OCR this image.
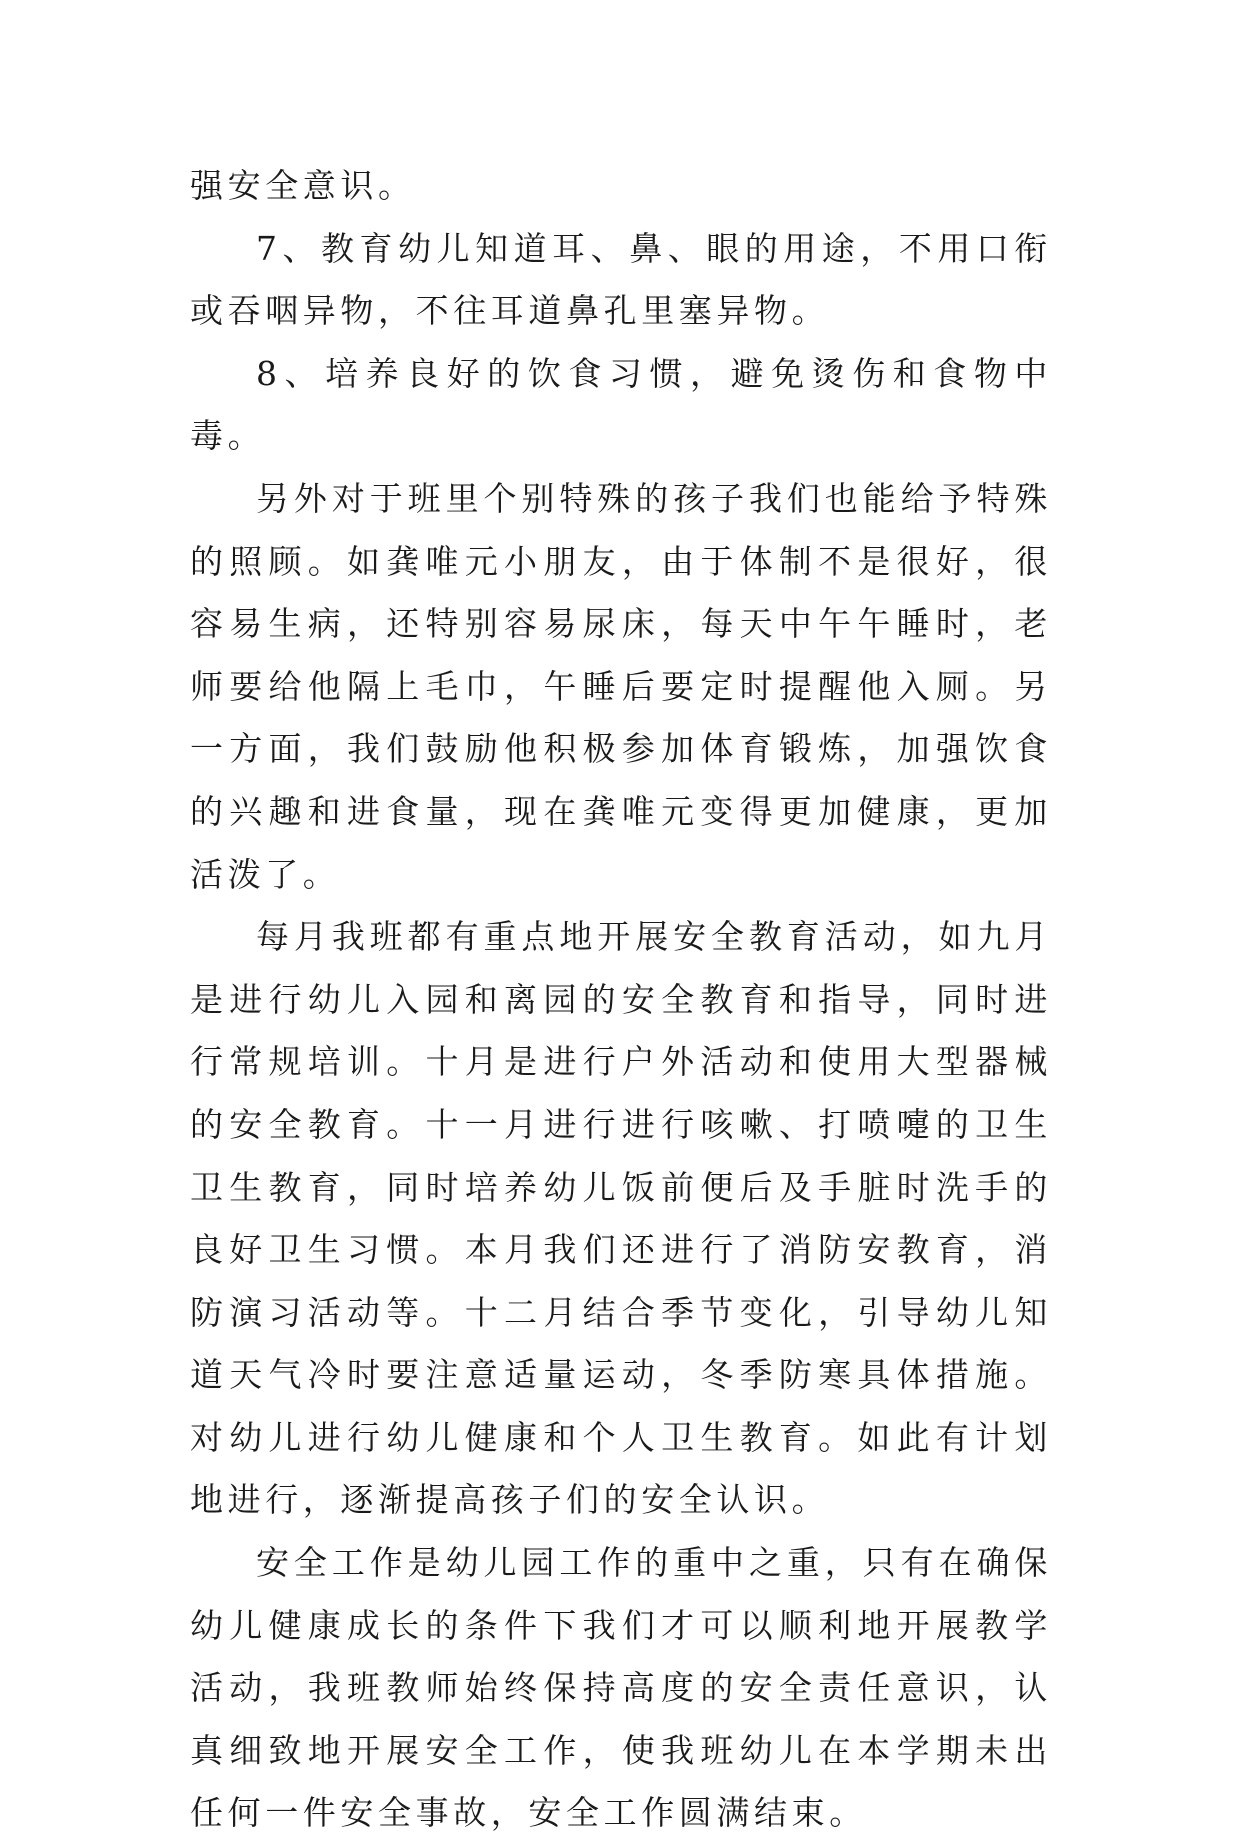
强安全意识。

7、教育幼儿知道耳、鼻、眼的用途，不用口衔或吞咽异物，不往耳道鼻孔里塞异物。

8、培养良好的饮食习惯，避免烫伤和食物中毒。

另外对于班里个别特殊的孩子我们也能给予特殊的照顾。如龚唯元小朋友，由于体制不是很好，很容易生病，还特别容易尿床，每天中午午睡时，老师要给他隔上毛巾，午睡后要定时提醒他入厕。另一方面，我们鼓励他积极参加体育锻炼，加强饮食的兴趣和进食量，现在龚唯元变得更加健康，更加活泼了。

每月我班都有重点地开展安全教育活动，如九月是进行幼儿入园和离园的安全教育和指导，同时进行常规培训。十月是进行户外活动和使用大型器械的安全教育。十一月进行进行咳嗽、打喷嚏的卫生卫生教育，同时培养幼儿饭前便后及手脏时洗手的良好卫生习惯。本月我们还进行了消防安教育，消防演习活动等。十二月结合季节变化，引导幼儿知道天气冷时要注意适量运动，冬季防寒具体措施。对幼儿进行幼儿健康和个人卫生教育。如此有计划地进行，逐渐提高孩子们的安全认识。

安全工作是幼儿园工作的重中之重，只有在确保幼儿健康成长的条件下我们才可以顺利地开展教学活动，我班教师始终保持高度的安全责任意识，认真细致地开展安全工作，使我班幼儿在本学期未出任何一件安全事故，安全工作圆满结束。
